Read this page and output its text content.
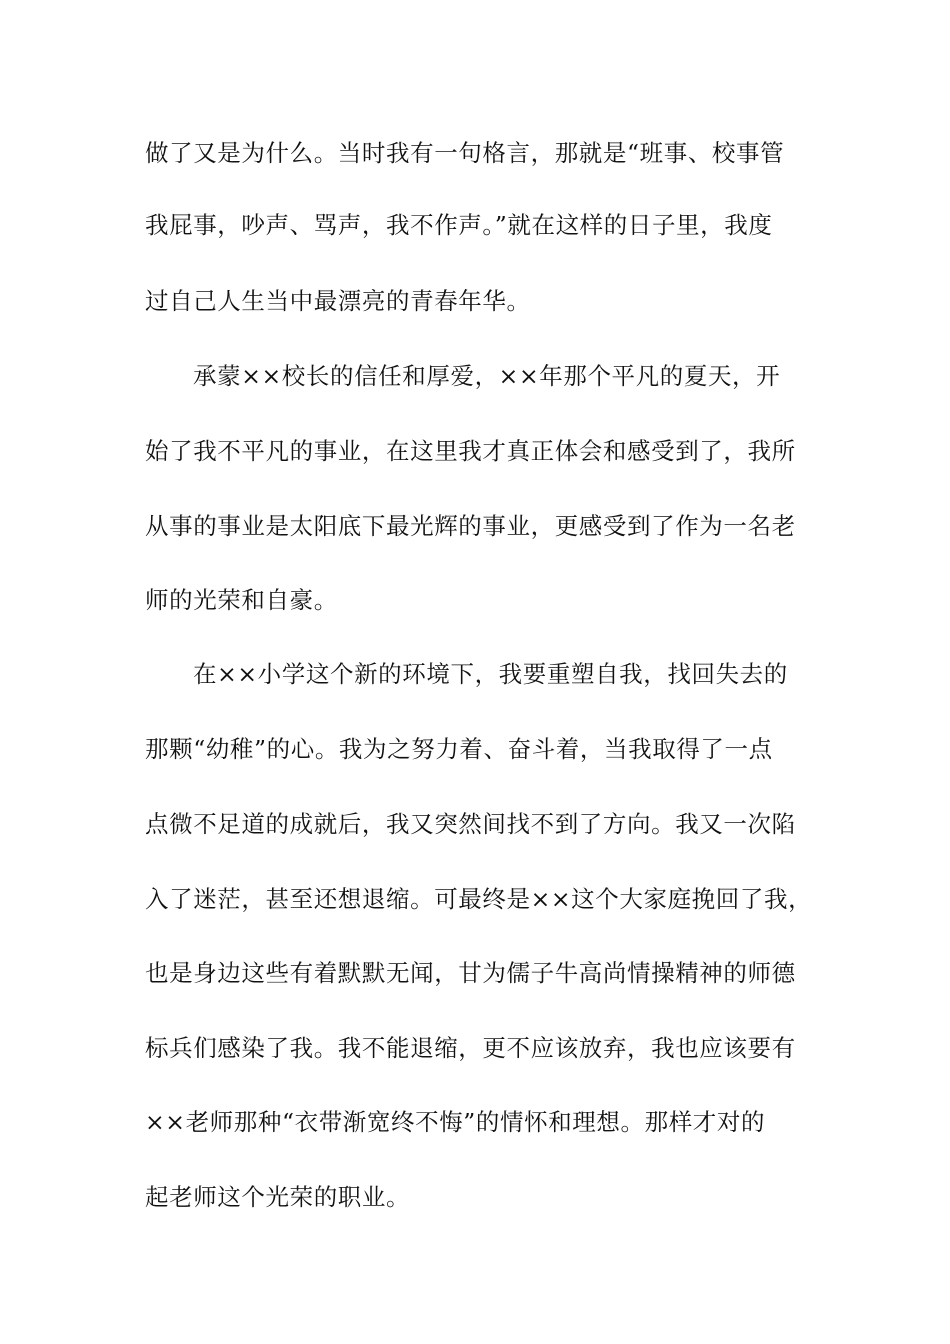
做了又是为什么。当时我有一句格言，那就是“班事、校事管
我屁事，吵声、骂声，我不作声。”就在这样的日子里，我度
过自己人生当中最漂亮的青春年华。
承蒙××校长的信任和厚爱，××年那个平凡的夏天，开
始了我不平凡的事业，在这里我才真正体会和感受到了，我所
从事的事业是太阳底下最光辉的事业，更感受到了作为一名老
师的光荣和自豪。
在××小学这个新的环境下，我要重塑自我，找回失去的
那颗“幼稚”的心。我为之努力着、奋斗着，当我取得了一点
点微不足道的成就后，我又突然间找不到了方向。我又一次陷
入了迷茫，甚至还想退缩。可最终是××这个大家庭挽回了我，
也是身边这些有着默默无闻，甘为儒子牛高尚情操精神的师德
标兵们感染了我。我不能退缩，更不应该放弃，我也应该要有
××老师那种“衣带渐宽终不悔”的情怀和理想。那样才对的
起老师这个光荣的职业。
